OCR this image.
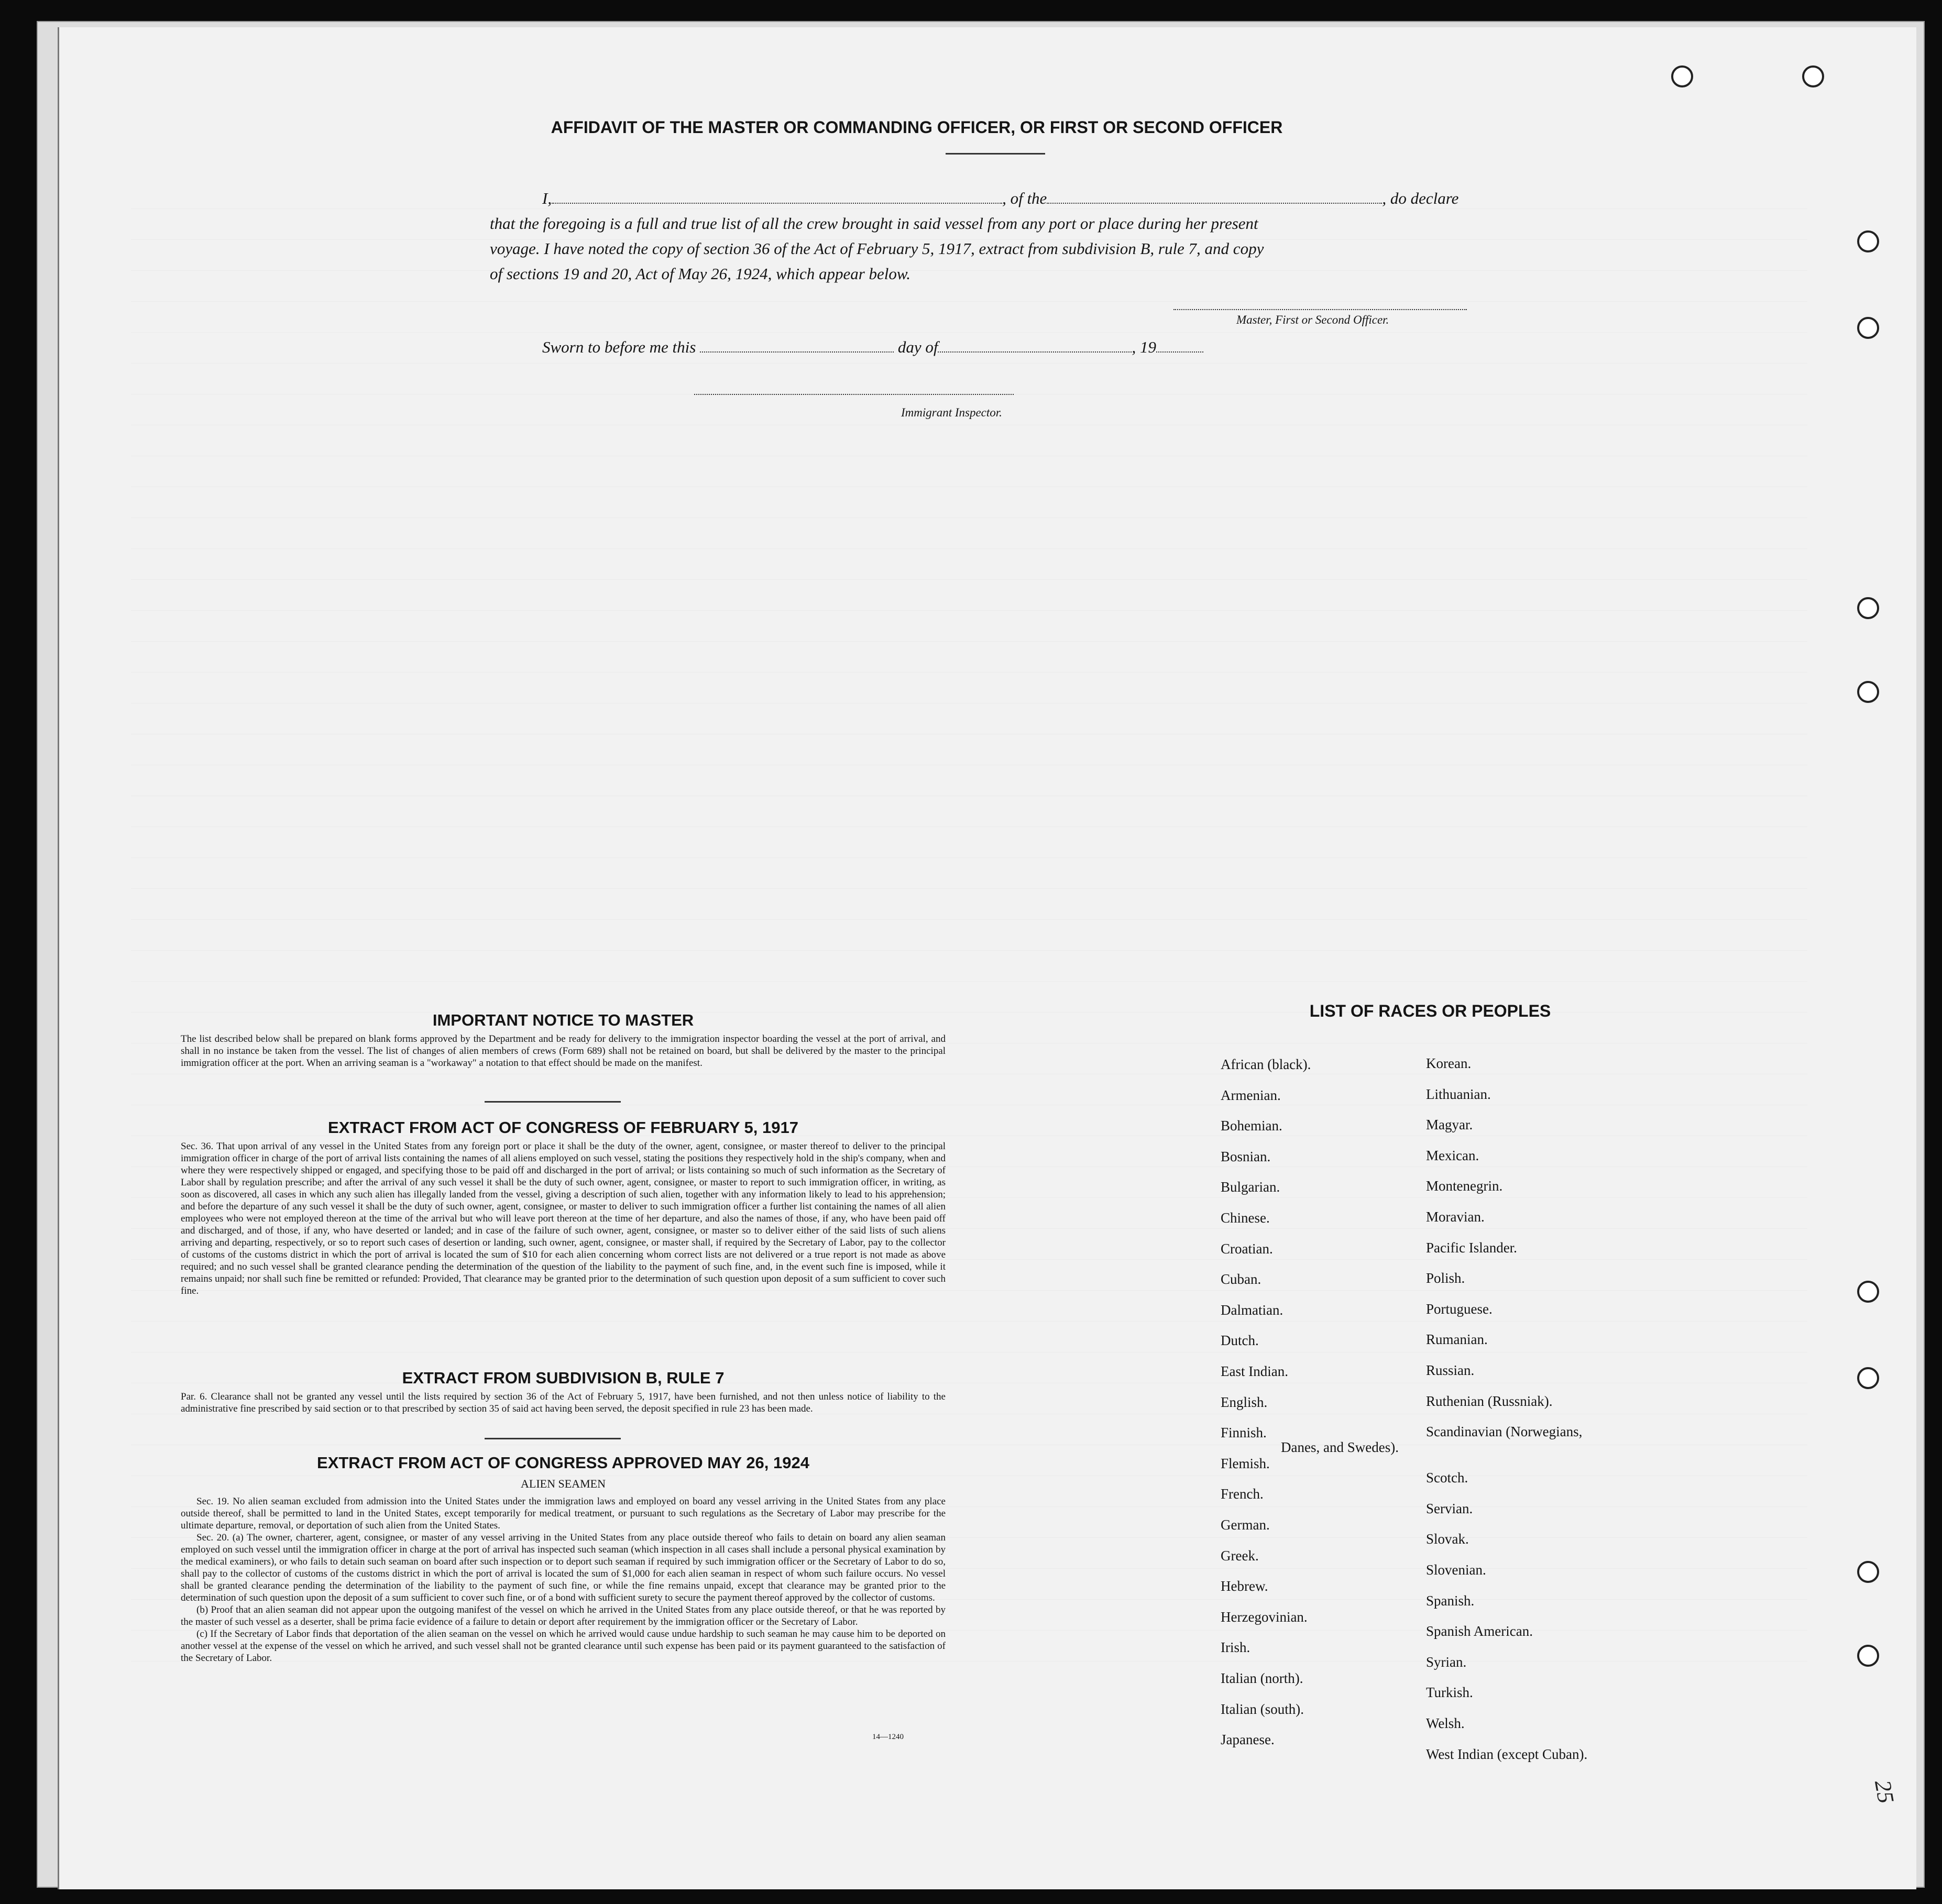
AFFIDAVIT OF THE MASTER OR COMMANDING OFFICER, OR FIRST OR SECOND OFFICER
I,	, of the	, do declare
that the foregoing is a full and true list of all the crew brought in said vessel from any port or place during her present
voyage. I have noted the copy of section 36 of the Act of February 5, 1917, extract from subdivision B, rule 7, and copy
of sections 19 and 20, Act of May 26, 1924, which appear below.
Master, First or Second Officer.
Sworn to before me this	day of	, 19
Immigrant Inspector.
IMPORTANT NOTICE TO MASTER
The list described below shall be prepared on blank forms approved by the Department and be ready for delivery to the immigration inspector boarding the vessel at the port of arrival, and shall in no instance be taken from the vessel. The list of changes of alien members of crews (Form 689) shall not be retained on board, but shall be delivered by the master to the principal immigration officer at the port. When an arriving seaman is a "workaway" a notation to that effect should be made on the manifest.
EXTRACT FROM ACT OF CONGRESS OF FEBRUARY 5, 1917
Sec. 36. That upon arrival of any vessel in the United States from any foreign port or place it shall be the duty of the owner, agent, consignee, or master thereof to deliver to the principal immigration officer in charge of the port of arrival lists containing the names of all aliens employed on such vessel, stating the positions they respectively hold in the ship's company, when and where they were respectively shipped or engaged, and specifying those to be paid off and discharged in the port of arrival; or lists containing so much of such information as the Secretary of Labor shall by regulation prescribe; and after the arrival of any such vessel it shall be the duty of such owner, agent, consignee, or master to report to such immigration officer, in writing, as soon as discovered, all cases in which any such alien has illegally landed from the vessel, giving a description of such alien, together with any information likely to lead to his apprehension; and before the departure of any such vessel it shall be the duty of such owner, agent, consignee, or master to deliver to such immigration officer a further list containing the names of all alien employees who were not employed thereon at the time of the arrival but who will leave port thereon at the time of her departure, and also the names of those, if any, who have been paid off and discharged, and of those, if any, who have deserted or landed; and in case of the failure of such owner, agent, consignee, or master so to deliver either of the said lists of such aliens arriving and departing, respectively, or so to report such cases of desertion or landing, such owner, agent, consignee, or master shall, if required by the Secretary of Labor, pay to the collector of customs of the customs district in which the port of arrival is located the sum of $10 for each alien concerning whom correct lists are not delivered or a true report is not made as above required; and no such vessel shall be granted clearance pending the determination of the question of the liability to the payment of such fine, and, in the event such fine is imposed, while it remains unpaid; nor shall such fine be remitted or refunded: Provided, That clearance may be granted prior to the determination of such question upon deposit of a sum sufficient to cover such fine.
EXTRACT FROM SUBDIVISION B, RULE 7
Par. 6. Clearance shall not be granted any vessel until the lists required by section 36 of the Act of February 5, 1917, have been furnished, and not then unless notice of liability to the administrative fine prescribed by said section or to that prescribed by section 35 of said act having been served, the deposit specified in rule 23 has been made.
EXTRACT FROM ACT OF CONGRESS APPROVED MAY 26, 1924
ALIEN SEAMEN
Sec. 19. No alien seaman excluded from admission into the United States under the immigration laws and employed on board any vessel arriving in the United States from any place outside thereof, shall be permitted to land in the United States, except temporarily for medical treatment, or pursuant to such regulations as the Secretary of Labor may prescribe for the ultimate departure, removal, or deportation of such alien from the United States.
Sec. 20. (a) The owner, charterer, agent, consignee, or master of any vessel arriving in the United States from any place outside thereof who fails to detain on board any alien seaman employed on such vessel until the immigration officer in charge at the port of arrival has inspected such seaman (which inspection in all cases shall include a personal physical examination by the medical examiners), or who fails to detain such seaman on board after such inspection or to deport such seaman if required by such immigration officer or the Secretary of Labor to do so, shall pay to the collector of customs of the customs district in which the port of arrival is located the sum of $1,000 for each alien seaman in respect of whom such failure occurs. No vessel shall be granted clearance pending the determination of the liability to the payment of such fine, or while the fine remains unpaid, except that clearance may be granted prior to the determination of such question upon the deposit of a sum sufficient to cover such fine, or of a bond with sufficient surety to secure the payment thereof approved by the collector of customs.
(b) Proof that an alien seaman did not appear upon the outgoing manifest of the vessel on which he arrived in the United States from any place outside thereof, or that he was reported by the master of such vessel as a deserter, shall be prima facie evidence of a failure to detain or deport after requirement by the immigration officer or the Secretary of Labor.
(c) If the Secretary of Labor finds that deportation of the alien seaman on the vessel on which he arrived would cause undue hardship to such seaman he may cause him to be deported on another vessel at the expense of the vessel on which he arrived, and such vessel shall not be granted clearance until such expense has been paid or its payment guaranteed to the satisfaction of the Secretary of Labor.
14—1240
LIST OF RACES OR PEOPLES
African (black).
Armenian.
Bohemian.
Bosnian.
Bulgarian.
Chinese.
Croatian.
Cuban.
Dalmatian.
Dutch.
East Indian.
English.
Finnish.
Flemish.
French.
German.
Greek.
Hebrew.
Herzegovinian.
Irish.
Italian (north).
Italian (south).
Japanese.
Korean.
Lithuanian.
Magyar.
Mexican.
Montenegrin.
Moravian.
Pacific Islander.
Polish.
Portuguese.
Rumanian.
Russian.
Ruthenian (Russniak).
Scandinavian (Norwegians,
Danes, and Swedes).
Scotch.
Servian.
Slovak.
Slovenian.
Spanish.
Spanish American.
Syrian.
Turkish.
Welsh.
West Indian (except Cuban).
25
